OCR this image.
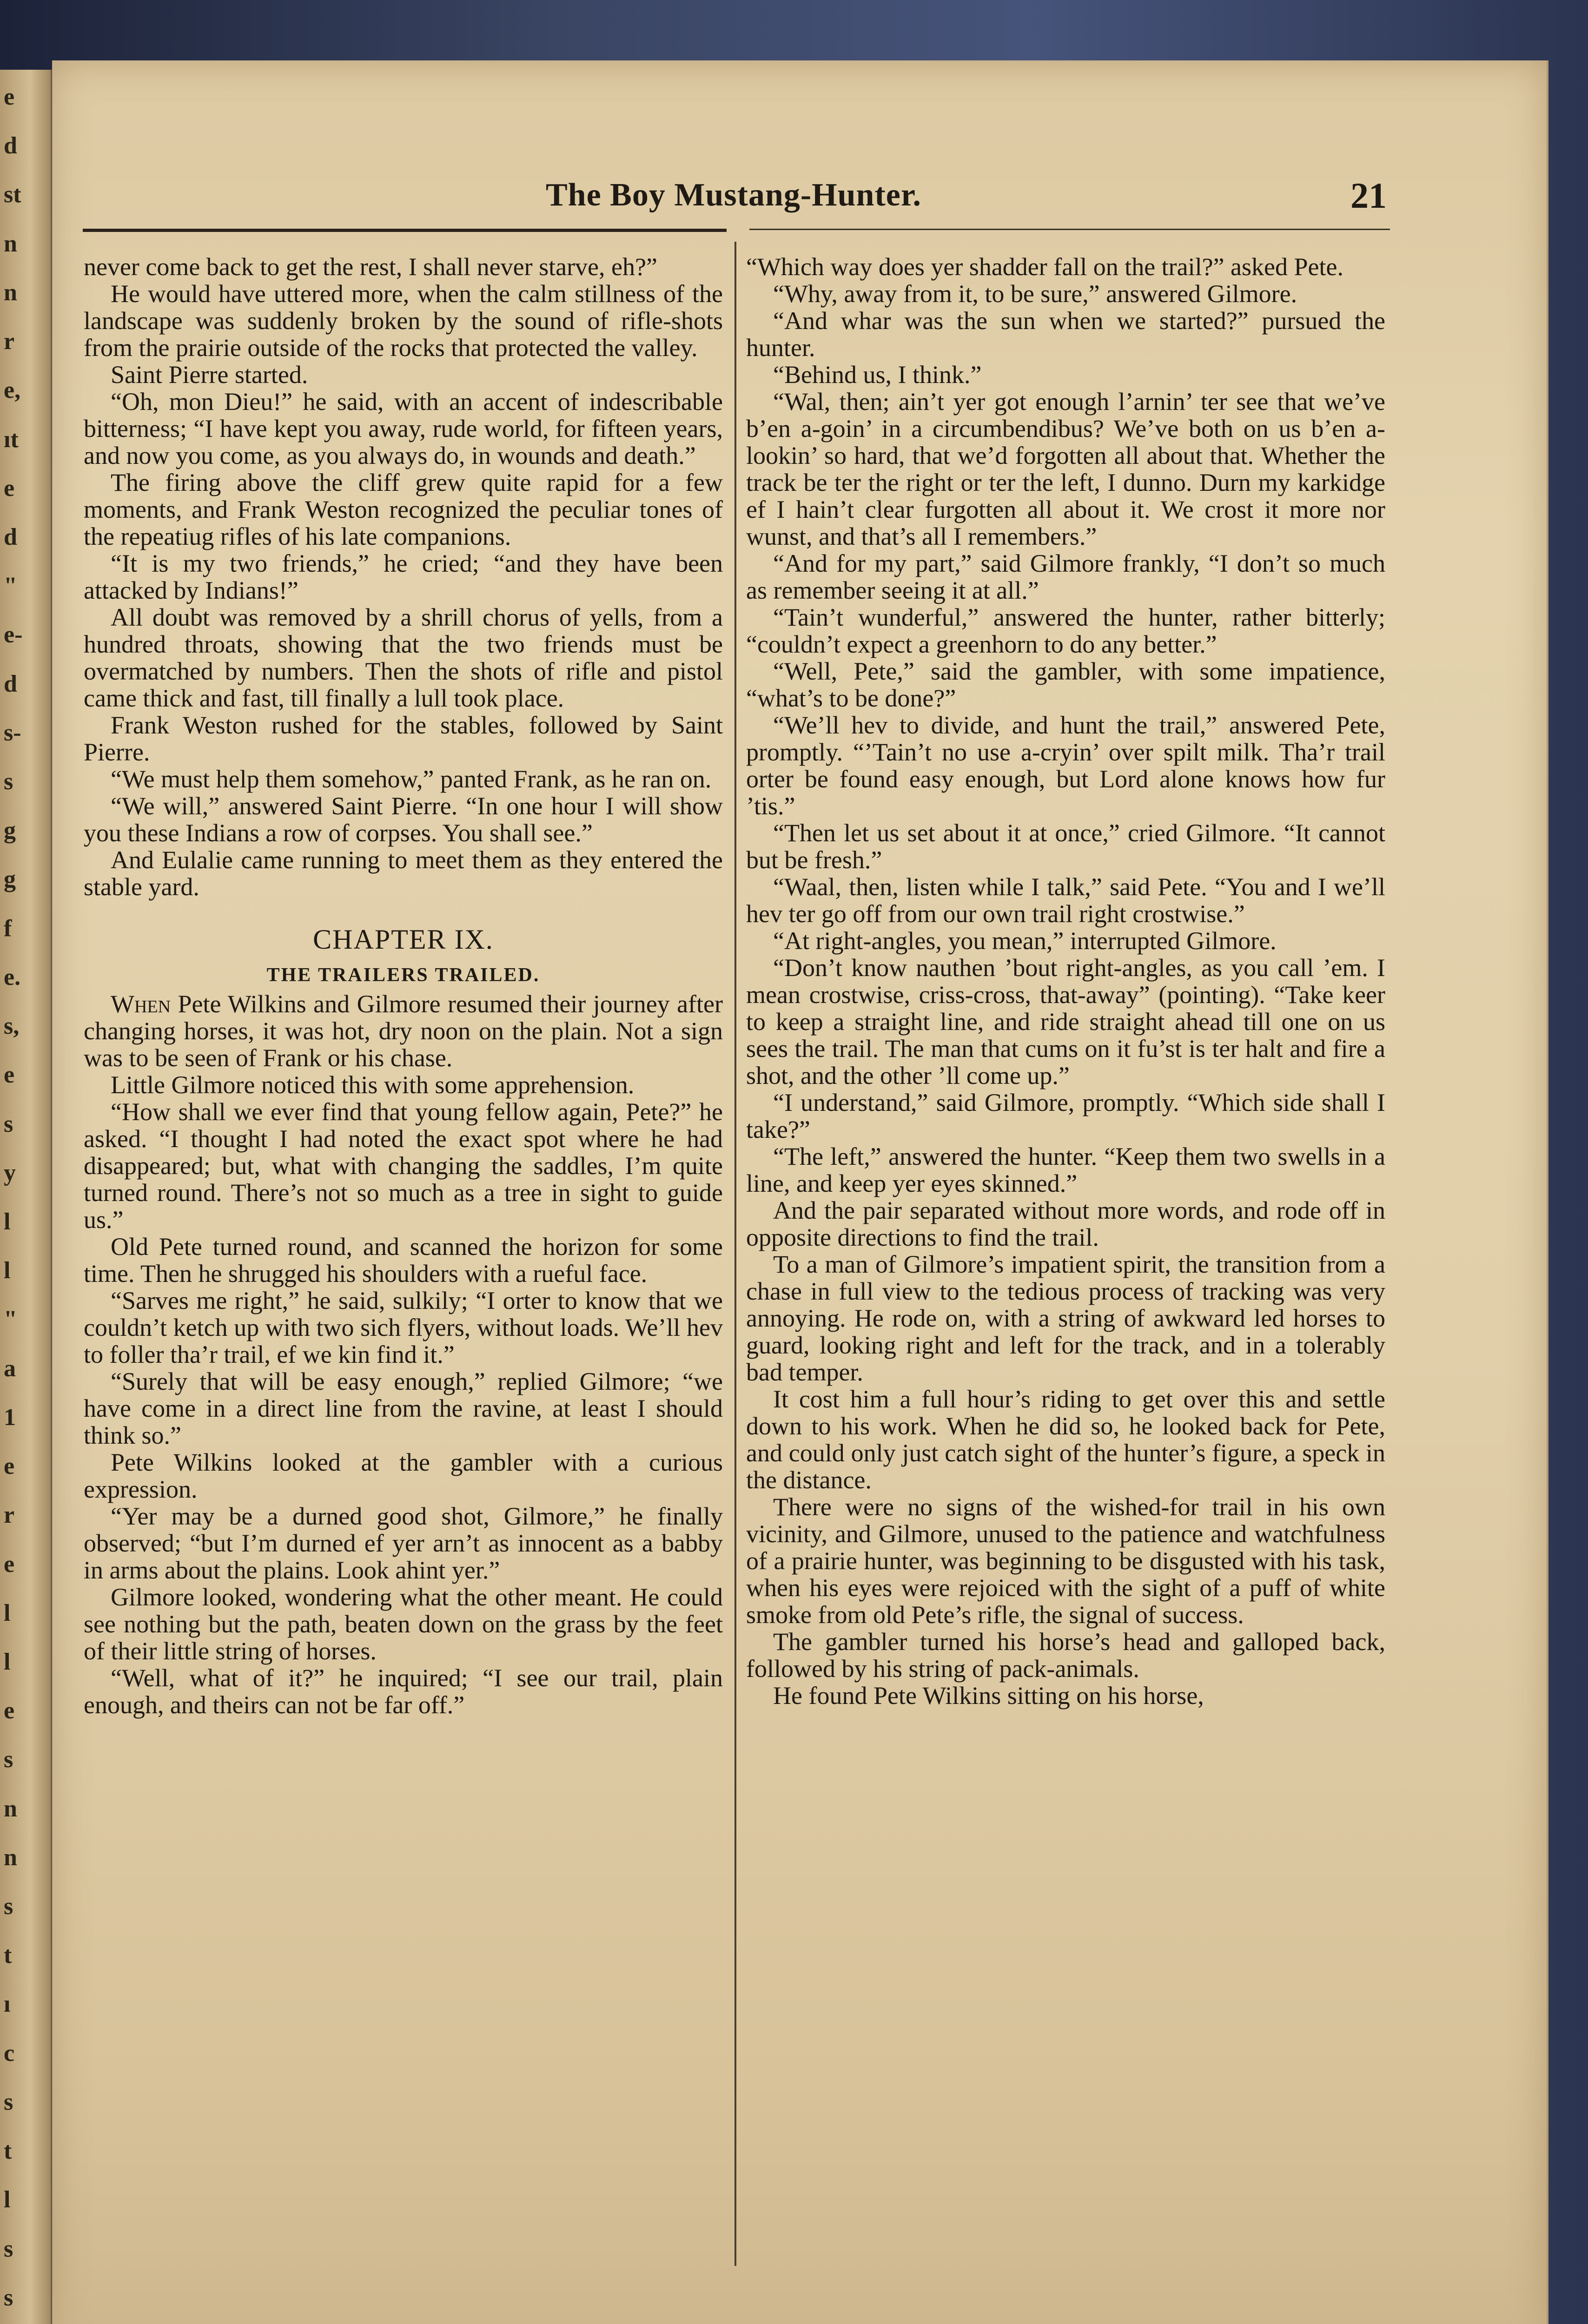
e
d
st
n
n
r
e,
ıt
e
d
"
e-
d
s-
s
g
g
f
e.
s,
e
s
y
l
l
"
a
1
e
r
e
l
l
e
s
n
n
s
t
ı
c
s
t
l
s
s
The Boy Mustang-Hunter.	21

never come back to get the rest, I shall never starve, eh?”

He would have uttered more, when the calm stillness of the landscape was suddenly broken by the sound of rifle-shots from the prairie outside of the rocks that protected the valley.

Saint Pierre started.

“Oh, mon Dieu!” he said, with an accent of indescribable bitterness; “I have kept you away, rude world, for fifteen years, and now you come, as you always do, in wounds and death.”

The firing above the cliff grew quite rapid for a few moments, and Frank Weston recognized the peculiar tones of the repeatiug rifles of his late companions.

“It is my two friends,” he cried; “and they have been attacked by Indians!”

All doubt was removed by a shrill chorus of yells, from a hundred throats, showing that the two friends must be overmatched by numbers. Then the shots of rifle and pistol came thick and fast, till finally a lull took place.

Frank Weston rushed for the stables, followed by Saint Pierre.

“We must help them somehow,” panted Frank, as he ran on.

“We will,” answered Saint Pierre. “In one hour I will show you these Indians a row of corpses. You shall see.”

And Eulalie came running to meet them as they entered the stable yard.

CHAPTER IX.
THE TRAILERS TRAILED.

When Pete Wilkins and Gilmore resumed their journey after changing horses, it was hot, dry noon on the plain. Not a sign was to be seen of Frank or his chase.

Little Gilmore noticed this with some apprehension.

“How shall we ever find that young fellow again, Pete?” he asked. “I thought I had noted the exact spot where he had disappeared; but, what with changing the saddles, I’m quite turned round. There’s not so much as a tree in sight to guide us.”

Old Pete turned round, and scanned the horizon for some time. Then he shrugged his shoulders with a rueful face.

“Sarves me right,” he said, sulkily; “I orter to know that we couldn’t ketch up with two sich flyers, without loads. We’ll hev to foller tha’r trail, ef we kin find it.”

“Surely that will be easy enough,” replied Gilmore; “we have come in a direct line from the ravine, at least I should think so.”

Pete Wilkins looked at the gambler with a curious expression.

“Yer may be a durned good shot, Gilmore,” he finally observed; “but I’m durned ef yer arn’t as innocent as a babby in arms about the plains. Look ahint yer.”

Gilmore looked, wondering what the other meant. He could see nothing but the path, beaten down on the grass by the feet of their little string of horses.

“Well, what of it?” he inquired; “I see our trail, plain enough, and theirs can not be far off.”

“Which way does yer shadder fall on the trail?” asked Pete.

“Why, away from it, to be sure,” answered Gilmore.

“And whar was the sun when we started?” pursued the hunter.

“Behind us, I think.”

“Wal, then; ain’t yer got enough l’arnin’ ter see that we’ve b’en a-goin’ in a circumbendibus? We’ve both on us b’en a-lookin’ so hard, that we’d forgotten all about that. Whether the track be ter the right or ter the left, I dunno. Durn my karkidge ef I hain’t clear furgotten all about it. We crost it more nor wunst, and that’s all I remembers.”

“And for my part,” said Gilmore frankly, “I don’t so much as remember seeing it at all.”

“Tain’t wunderful,” answered the hunter, rather bitterly; “couldn’t expect a greenhorn to do any better.”

“Well, Pete,” said the gambler, with some impatience, “what’s to be done?”

“We’ll hev to divide, and hunt the trail,” answered Pete, promptly. “’Tain’t no use a-cryin’ over spilt milk. Tha’r trail orter be found easy enough, but Lord alone knows how fur ’tis.”

“Then let us set about it at once,” cried Gilmore. “It cannot but be fresh.”

“Waal, then, listen while I talk,” said Pete. “You and I we’ll hev ter go off from our own trail right crostwise.”

“At right-angles, you mean,” interrupted Gilmore.

“Don’t know nauthen ’bout right-angles, as you call ’em. I mean crostwise, criss-cross, that-away” (pointing). “Take keer to keep a straight line, and ride straight ahead till one on us sees the trail. The man that cums on it fu’st is ter halt and fire a shot, and the other ’ll come up.”

“I understand,” said Gilmore, promptly. “Which side shall I take?”

“The left,” answered the hunter. “Keep them two swells in a line, and keep yer eyes skinned.”

And the pair separated without more words, and rode off in opposite directions to find the trail.

To a man of Gilmore’s impatient spirit, the transition from a chase in full view to the tedious process of tracking was very annoying. He rode on, with a string of awkward led horses to guard, looking right and left for the track, and in a tolerably bad temper.

It cost him a full hour’s riding to get over this and settle down to his work. When he did so, he looked back for Pete, and could only just catch sight of the hunter’s figure, a speck in the distance.

There were no signs of the wished-for trail in his own vicinity, and Gilmore, unused to the patience and watchfulness of a prairie hunter, was beginning to be disgusted with his task, when his eyes were rejoiced with the sight of a puff of white smoke from old Pete’s rifle, the signal of success.

The gambler turned his horse’s head and galloped back, followed by his string of pack-animals.

He found Pete Wilkins sitting on his horse,
